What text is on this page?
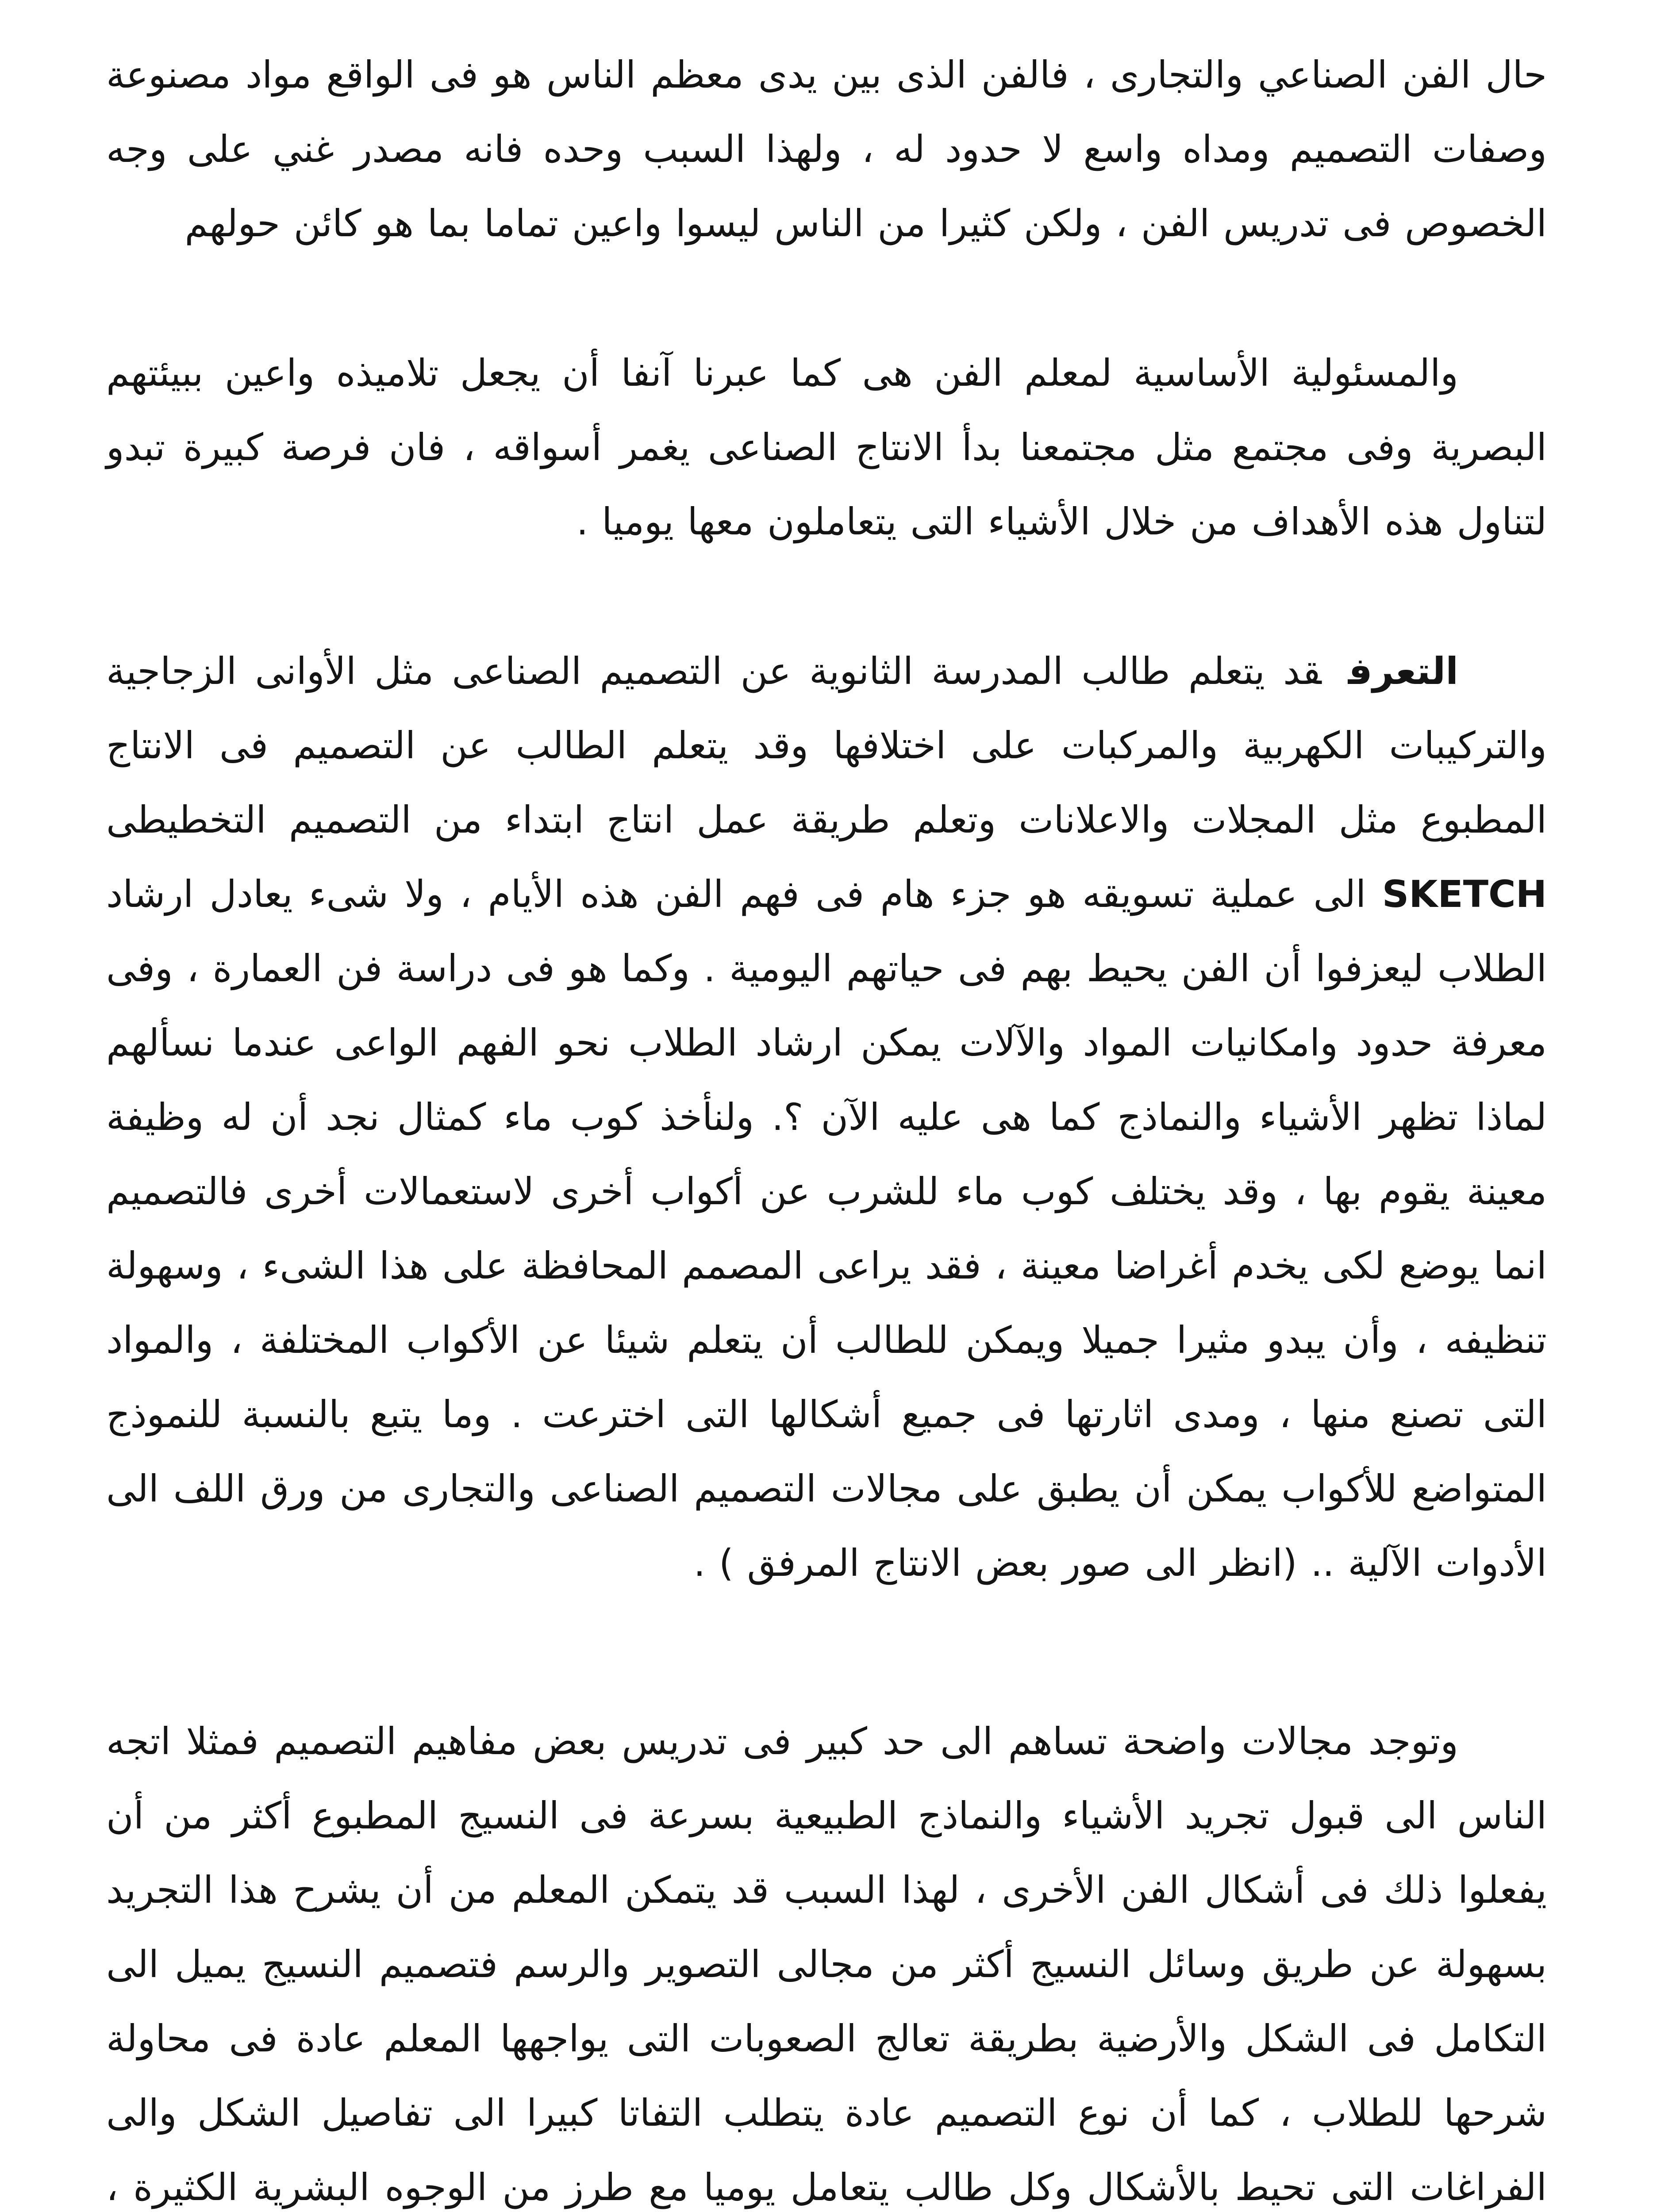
حال الفن الصناعي والتجارى ، فالفن الذى بين يدى معظم الناس هو فى الواقع مواد مصنوعة وصفات التصميم ومداه واسع لا حدود له ، ولهذا السبب وحده فانه مصدر غني على وجه الخصوص فى تدريس الفن ، ولكن كثيرا من الناس ليسوا واعين تماما بما هو كائن حولهم

والمسئولية الأساسية لمعلم الفن هى كما عبرنا آنفا أن يجعل تلاميذه واعين ببيئتهم البصرية وفى مجتمع مثل مجتمعنا بدأ الانتاج الصناعى يغمر أسواقه ، فان فرصة كبيرة تبدو لتناول هذه الأهداف من خلال الأشياء التى يتعاملون معها يوميا .

التعرفقد يتعلم طالب المدرسة الثانوية عن التصميم الصناعى مثل الأوانى الزجاجية والتركيبات الكهربية والمركبات على اختلافها وقد يتعلم الطالب عن التصميم فى الانتاج المطبوع مثل المجلات والاعلانات وتعلم طريقة عمل انتاج ابتداء من التصميم التخطيطى SKETCH الى عملية تسويقه هو جزء هام فى فهم الفن هذه الأيام ، ولا شىء يعادل ارشاد الطلاب ليعزفوا أن الفن يحيط بهم فى حياتهم اليومية . وكما هو فى دراسة فن العمارة ، وفى معرفة حدود وامكانيات المواد والآلات يمكن ارشاد الطلاب نحو الفهم الواعى عندما نسألهم لماذا تظهر الأشياء والنماذج كما هى عليه الآن ؟. ولنأخذ كوب ماء كمثال نجد أن له وظيفة معينة يقوم بها ، وقد يختلف كوب ماء للشرب عن أكواب أخرى لاستعمالات أخرى فالتصميم انما يوضع لكى يخدم أغراضا معينة ، فقد يراعى المصمم المحافظة على هذا الشىء ، وسهولة تنظيفه ، وأن يبدو مثيرا جميلا ويمكن للطالب أن يتعلم شيئا عن الأكواب المختلفة ، والمواد التى تصنع منها ، ومدى اثارتها فى جميع أشكالها التى اخترعت . وما يتبع بالنسبة للنموذج المتواضع للأكواب يمكن أن يطبق على مجالات التصميم الصناعى والتجارى من ورق اللف الى الأدوات الآلية .. (انظر الى صور بعض الانتاج المرفق ) .

وتوجد مجالات واضحة تساهم الى حد كبير فى تدريس بعض مفاهيم التصميم فمثلا اتجه الناس الى قبول تجريد الأشياء والنماذج الطبيعية بسرعة فى النسيج المطبوع أكثر من أن يفعلوا ذلك فى أشكال الفن الأخرى ، لهذا السبب قد يتمكن المعلم من أن يشرح هذا التجريد بسهولة عن طريق وسائل النسيج أكثر من مجالى التصوير والرسم فتصميم النسيج يميل الى التكامل فى الشكل والأرضية بطريقة تعالج الصعوبات التى يواجهها المعلم عادة فى محاولة شرحها للطلاب ، كما أن نوع التصميم عادة يتطلب التفاتا كبيرا الى تفاصيل الشكل والى الفراغات التى تحيط بالأشكال وكل طالب يتعامل يوميا مع طرز من الوجوه البشرية الكثيرة ،
